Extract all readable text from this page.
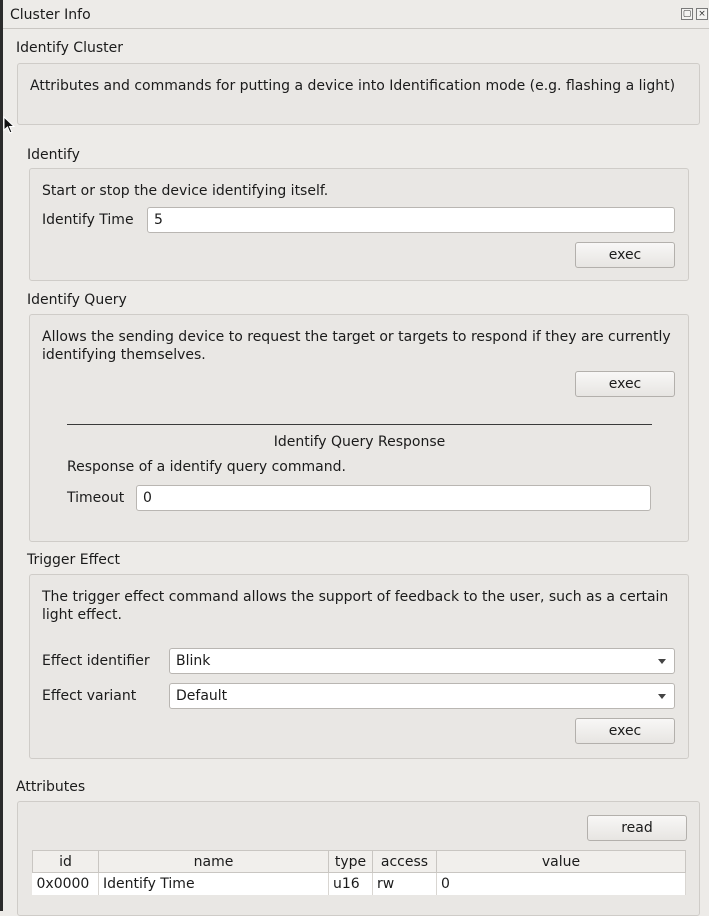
Cluster Info	▢ ×
Identify Cluster
Attributes and commands for putting a device into Identification mode (e.g. flashing a light)
Identify
Start or stop the device identifying itself.
Identify Time	5
exec
Identify Query
Allows the sending device to request the target or targets to respond if they are currently identifying themselves.
exec
Identify Query Response
Response of a identify query command.
Timeout	0
Trigger Effect
The trigger effect command allows the support of feedback to the user, such as a certain light effect.
Effect identifier	Blink
Effect variant	Default
exec
Attributes
read
id	name	type	access	value
0x0000	Identify Time	u16	rw	0
